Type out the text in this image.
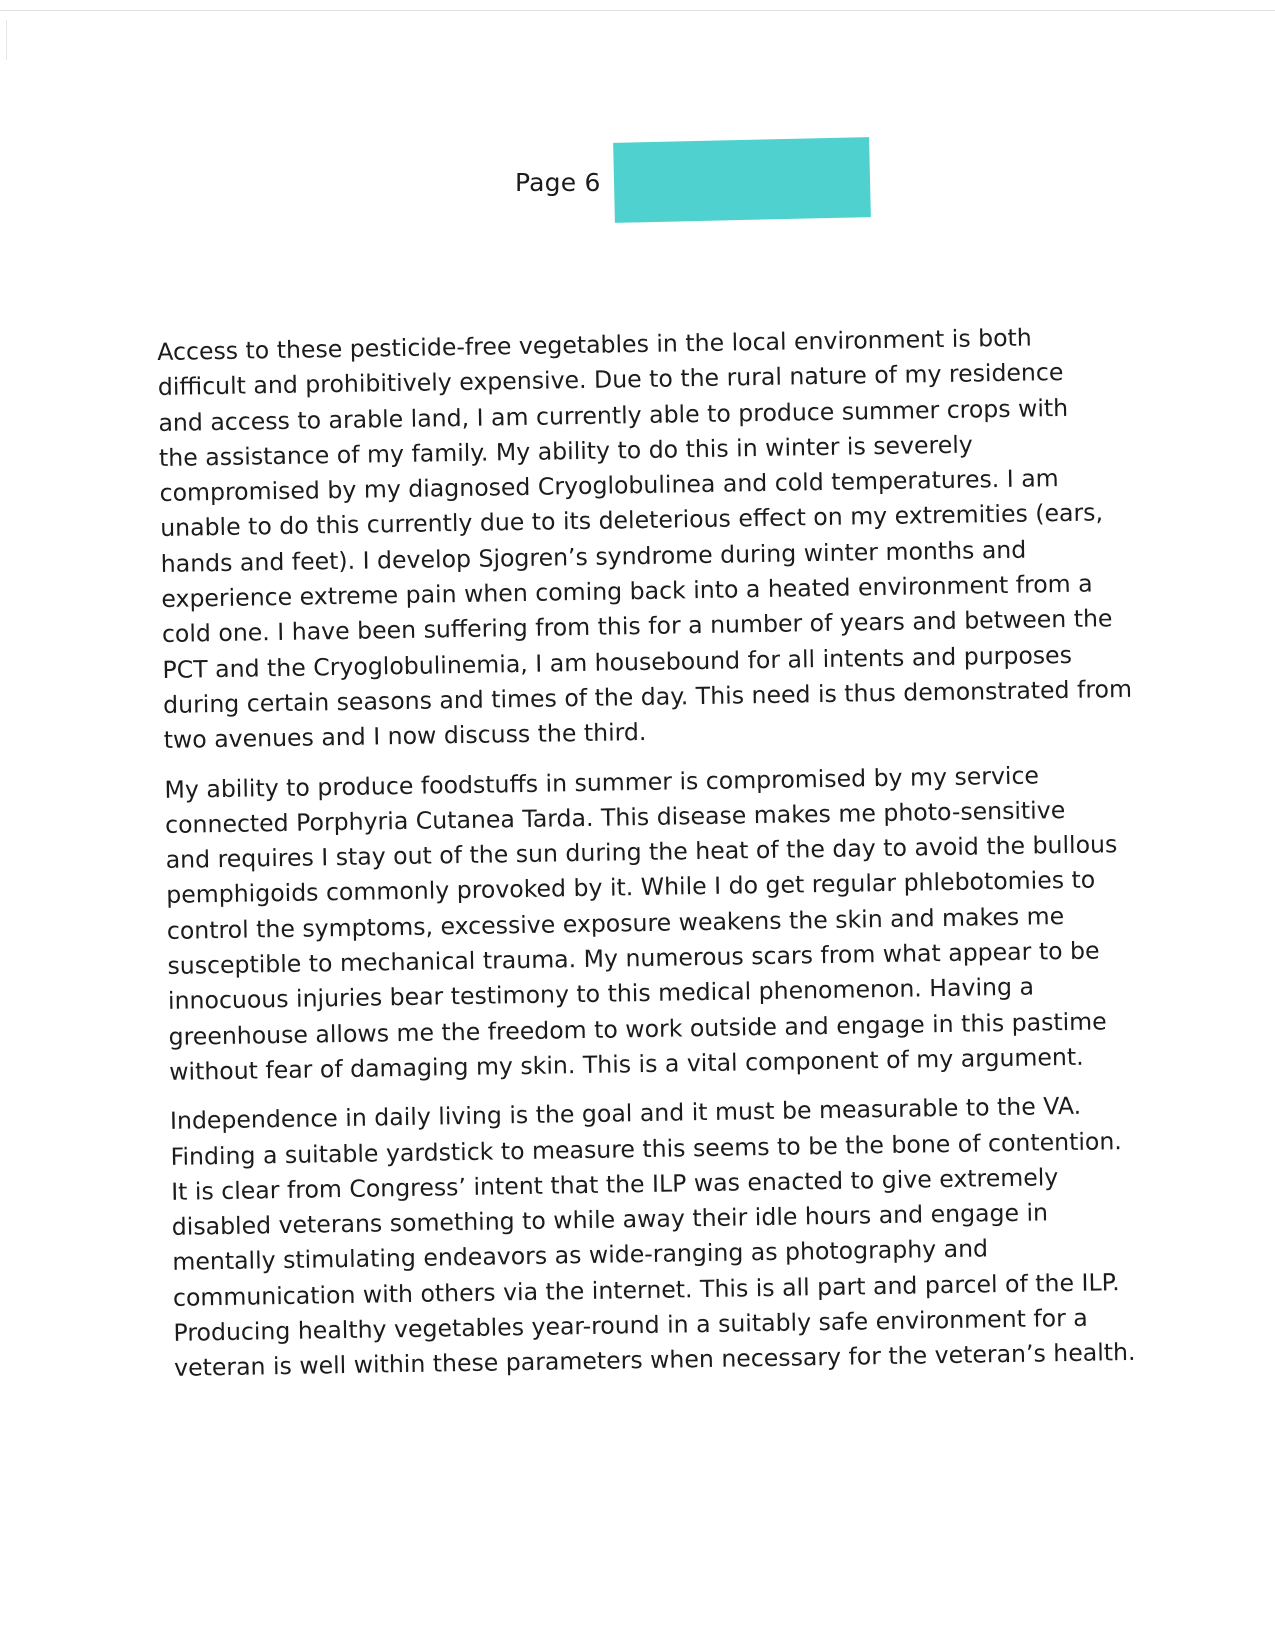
Page 6
Access to these pesticide-free vegetables in the local environment is both
difficult and prohibitively expensive. Due to the rural nature of my residence
and access to arable land, I am currently able to produce summer crops with
the assistance of my family. My ability to do this in winter is severely
compromised by my diagnosed Cryoglobulinea and cold temperatures. I am
unable to do this currently due to its deleterious effect on my extremities (ears,
hands and feet). I develop Sjogren’s syndrome during winter months and
experience extreme pain when coming back into a heated environment from a
cold one. I have been suffering from this for a number of years and between the
PCT and the Cryoglobulinemia, I am housebound for all intents and purposes
during certain seasons and times of the day. This need is thus demonstrated from
two avenues and I now discuss the third.
My ability to produce foodstuffs in summer is compromised by my service
connected Porphyria Cutanea Tarda. This disease makes me photo-sensitive
and requires I stay out of the sun during the heat of the day to avoid the bullous
pemphigoids commonly provoked by it. While I do get regular phlebotomies to
control the symptoms, excessive exposure weakens the skin and makes me
susceptible to mechanical trauma. My numerous scars from what appear to be
innocuous injuries bear testimony to this medical phenomenon. Having a
greenhouse allows me the freedom to work outside and engage in this pastime
without fear of damaging my skin. This is a vital component of my argument.
Independence in daily living is the goal and it must be measurable to the VA.
Finding a suitable yardstick to measure this seems to be the bone of contention.
It is clear from Congress’ intent that the ILP was enacted to give extremely
disabled veterans something to while away their idle hours and engage in
mentally stimulating endeavors as wide-ranging as photography and
communication with others via the internet. This is all part and parcel of the ILP.
Producing healthy vegetables year-round in a suitably safe environment for a
veteran is well within these parameters when necessary for the veteran’s health.
